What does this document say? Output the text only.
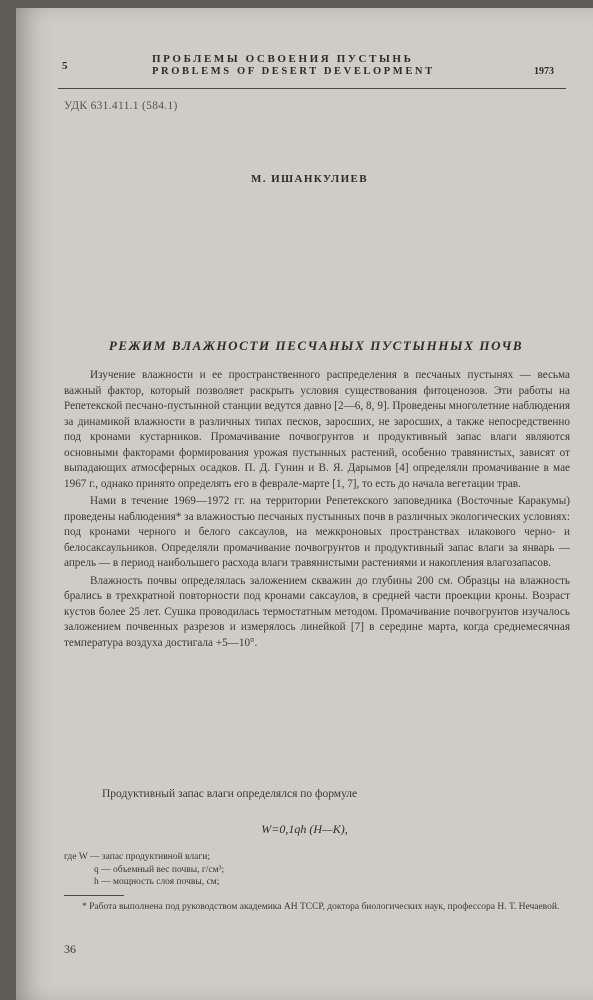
5
ПРОБЛЕМЫ ОСВОЕНИЯ ПУСТЫНЬ
PROBLEMS OF DESERT DEVELOPMENT	1973
УДК 631.411.1 (584.1)
М. ИШАНКУЛИЕВ
РЕЖИМ ВЛАЖНОСТИ ПЕСЧАНЫХ ПУСТЫННЫХ ПОЧВ

Изучение влажности и ее пространственного распределения в песчаных пустынях — весьма важный фактор, который позволяет раскрыть условия существования фитоценозов. Эти работы на Репетекской песчано-пустынной станции ведутся давно [2—6, 8, 9]. Проведены многолетние наблюдения за динамикой влажности в различных типах песков, заросших, не заросших, а также непосредственно под кронами кустарников. Промачивание почвогрунтов и продуктивный запас влаги являются основными факторами формирования урожая пустынных растений, особенно травянистых, зависят от выпадающих атмосферных осадков. П. Д. Гунин и В. Я. Дарымов [4] определяли промачивание в мае 1967 г., однако принято определять его в феврале-марте [1, 7], то есть до начала вегетации трав.

Нами в течение 1969—1972 гг. на территории Репетекского заповедника (Восточные Каракумы) проведены наблюдения* за влажностью песчаных пустынных почв в различных экологических условиях: под кронами черного и белого саксаулов, на межкроновых пространствах илакового черно- и белосаксаульников. Определяли промачивание почвогрунтов и продуктивный запас влаги за январь — апрель — в период наибольшего расхода влаги травянистыми растениями и накопления влагозапасов.

Влажность почвы определялась заложением скважин до глубины 200 см. Образцы на влажность брались в трехкратной повторности под кронами саксаулов, в средней части проекции кроны. Возраст кустов более 25 лет. Сушка проводилась термостатным методом. Промачивание почвогрунтов изучалось заложением почвенных разрезов и измерялось линейкой [7] в середине марта, когда среднемесячная температура воздуха достигала +5—10°.

Продуктивный запас влаги определялся по формуле
W=0,1qh (H—K),
где W — запас продуктивной влаги;
q — объемный вес почвы, г/см³;
h — мощность слоя почвы, см;
* Работа выполнена под руководством академика АН ТССР, доктора биологических наук, профессора Н. Т. Нечаевой.
36
